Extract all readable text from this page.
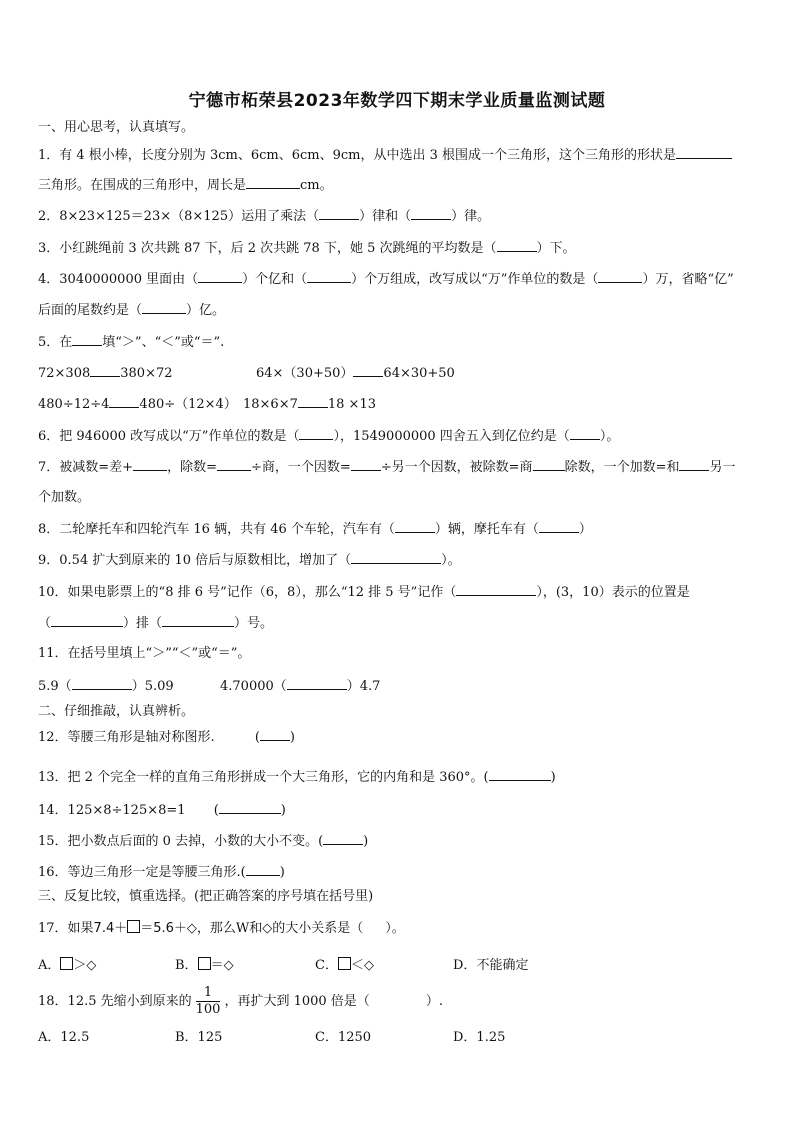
宁德市柘荣县2023年数学四下期末学业质量监测试题
一、用心思考，认真填写。
1．有 4 根小棒，长度分别为 3cm、6cm、6cm、9cm，从中选出 3 根围成一个三角形，这个三角形的形状是
三角形。在围成的三角形中，周长是	cm。
2．8×23×125＝23×（8×125）运用了乘法（	）律和（	）律。
3．小红跳绳前 3 次共跳 87 下，后 2 次共跳 78 下，她 5 次跳绳的平均数是（	）下。
4．3040000000 里面由（	）个亿和（	）个万组成，改写成以“万”作单位的数是（	）万，省略“亿”
后面的尾数约是（	）亿。
5．在 填“＞”、“＜”或“＝”.
72×308 380×72	64×（30+50） 64×30+50
480÷12÷4 480÷（12×4） 18×6×7 18 ×13
6．把 946000 改写成以“万”作单位的数是（	），1549000000 四舍五入到亿位约是（ ）。
7．被减数=差+	，除数=	÷商，一个因数= ÷另一个因数，被除数=商 除数，一个加数=和 另一
个加数。
8．二轮摩托车和四轮汽车 16 辆，共有 46 个车轮，汽车有（	）辆，摩托车有（	）
9．0.54 扩大到原来的 10 倍后与原数相比，增加了（	）。
10．如果电影票上的“8 排 6 号”记作（6，8），那么“12 排 5 号”记作（	），(3，10）表示的位置是
（	）排（	）号。
11．在括号里填上“＞”“＜”或“＝”。
5.9（	）5.09	4.70000（	）4.7
二、仔细推敲，认真辨析。
12．等腰三角形是轴对称图形.	( )
13．把 2 个完全一样的直角三角形拼成一个大三角形，它的内角和是 360°。(	)
14．125×8÷125×8=1 (	)
15．把小数点后面的 0 去掉，小数的大小不变。(	)
16．等边三角形一定是等腰三角形.(	)
三、反复比较，慎重选择。(把正确答案的序号填在括号里)
17．如果7.4＋ ＝5.6＋◇，那么W和◇的大小关系是（ ）。
A． ＞◇	B． ＝◇	C． ＜◇	D．不能确定
18．12.5 先缩小到原来的 $\frac{1}{100}$ ，再扩大到 1000 倍是（	）.
A．12.5	B．125	C．1250	D．1.25
